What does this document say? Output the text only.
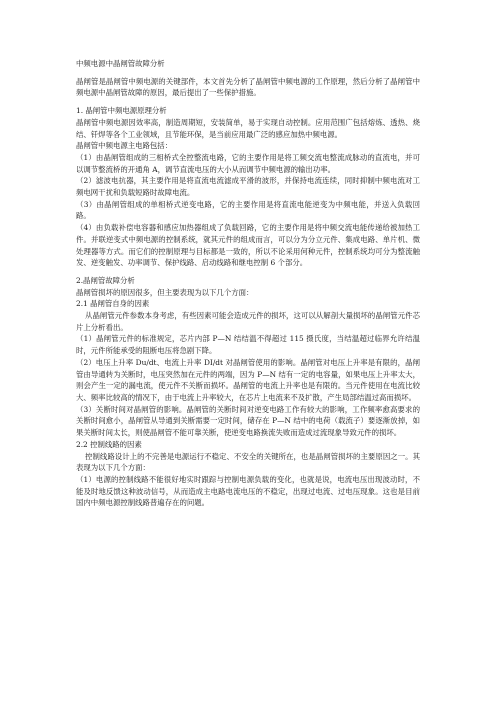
中频电源中晶闸管故障分析

晶闸管是晶闸管中频电源的关键部件，本文首先分析了晶闸管中频电源的工作原理，然后分析了晶闸管中频电源中晶闸管故障的原因，最后提出了一些保护措施。

1. 晶闸管中频电源原理分析

晶闸管中频电源因效率高，制造周期短，安装简单，易于实现自动控制。应用范围广包括熔炼、透热、烧结、钎焊等各个工业领域，且节能环保，是当前应用最广泛的感应加热中频电源。

晶闸管中频电源主电路包括：

（1）由晶闸管组成的三相桥式全控整流电路，它的主要作用是将工频交流电整流成脉动的直流电，并可以调节整流桥的开通角 A，调节直流电压的大小从而调节中频电源的输出功率。

（2）滤波电抗器，其主要作用是将直流电流滤成平滑的波形，并保持电流连续，同时抑制中频电流对工频电网干扰和负载短路时故障电流。

（3）由晶闸管组成的单相桥式逆变电路，它的主要作用是将直流电能逆变为中频电能，并送入负载回路。

（4）由负载补偿电容器和感应加热器组成了负载回路，它的主要作用是将中频交流电能传递给被加热工件。并联逆变式中频电源的控制系统，就其元件的组成而言，可以分为分立元件、集成电路、单片机、微处理器等方式。而它们的控制原理与目标都是一致的，所以不论采用何种元件，控制系统均可分为整流触发、逆变触发、功率调节、保护线路、启动线路和继电控制 6 个部分。

2.晶闸管故障分析

晶闸管损坏的原因很多，但主要表现为以下几个方面：

2.1 晶闸管自身的因素

从晶闸管元件参数本身考虑，有些因素可能会造成元件的损坏，这可以从解剖大量损坏的晶闸管元件芯片上分析看出。

（1）晶闸管元件的标准规定，芯片内部 P—N 结结温不得超过 115 摄氏度，当结温超过临界允许结温时，元件所能承受的阻断电压将急剧下降。

（2）电压上升率 Du/dt、电流上升率 DI/dt 对晶闸管使用的影响。晶闸管对电压上升率是有限的，晶闸管由导通转为关断时，电压突然加在元件的两端，因为 P—N 结有一定的电容量，如果电压上升率太大，则会产生一定的漏电流，使元件不关断而损坏。晶闸管的电流上升率也是有限的。当元件使用在电流比较大、频率比较高的情况下，由于电流上升率较大，在芯片上电流来不及扩散，产生局部结温过高而损坏。

（3）关断时间对晶闸管的影响。晶闸管的关断时间对逆变电路工作有较大的影响，工作频率愈高要求的关断时间愈小，晶闸管从导通到关断需要一定时间，储存在 P—N 结中的电荷（载流子）要逐渐放掉，如果关断时间太长，则使晶闸管不能可靠关断，使逆变电路换流失败而造成过流现象导致元件的损坏。

2.2 控制线路的因素

控制线路设计上的不完善是电源运行不稳定、不安全的关键所在，也是晶闸管损坏的主要原因之一。其表现为以下几个方面：

（1）电源的控制线路不能很好地实时跟踪与控制电源负载的变化，也就是说，电流电压出现波动时，不能及时地反馈这种波动信号，从而造成主电路电流电压的不稳定，出现过电流、过电压现象。这也是目前国内中频电源控制线路普遍存在的问题。
